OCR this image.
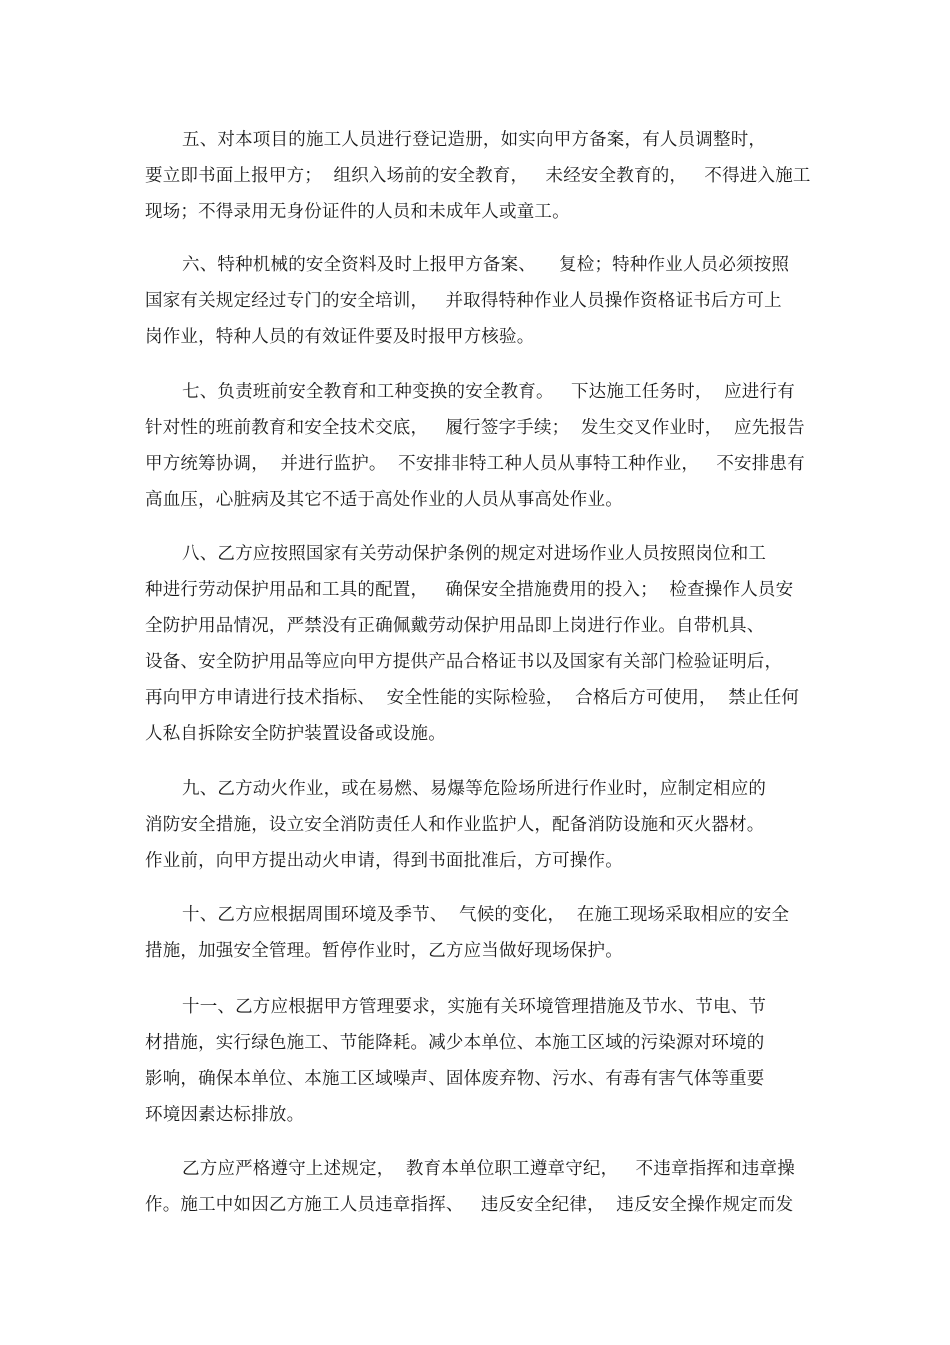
五、对本项目的施工人员进行登记造册，如实向甲方备案，有人员调整时，
要立即书面上报甲方；  组织入场前的安全教育，   未经安全教育的，   不得进入施工
现场；不得录用无身份证件的人员和未成年人或童工。
六、特种机械的安全资料及时上报甲方备案、    复检；特种作业人员必须按照
国家有关规定经过专门的安全培训，   并取得特种作业人员操作资格证书后方可上
岗作业，特种人员的有效证件要及时报甲方核验。
七、负责班前安全教育和工种变换的安全教育。   下达施工任务时，  应进行有
针对性的班前教育和安全技术交底，   履行签字手续；  发生交叉作业时，  应先报告
甲方统筹协调，  并进行监护。  不安排非特工种人员从事特工种作业，   不安排患有
高血压，心脏病及其它不适于高处作业的人员从事高处作业。
八、乙方应按照国家有关劳动保护条例的规定对进场作业人员按照岗位和工
种进行劳动保护用品和工具的配置，   确保安全措施费用的投入；  检查操作人员安
全防护用品情况，严禁没有正确佩戴劳动保护用品即上岗进行作业。自带机具、
设备、安全防护用品等应向甲方提供产品合格证书以及国家有关部门检验证明后，
再向甲方申请进行技术指标、  安全性能的实际检验，  合格后方可使用，  禁止任何
人私自拆除安全防护装置设备或设施。
九、乙方动火作业，或在易燃、易爆等危险场所进行作业时，应制定相应的
消防安全措施，设立安全消防责任人和作业监护人，配备消防设施和灭火器材。
作业前，向甲方提出动火申请，得到书面批准后，方可操作。
十、乙方应根据周围环境及季节、  气候的变化，  在施工现场采取相应的安全
措施，加强安全管理。暂停作业时，乙方应当做好现场保护。
十一、乙方应根据甲方管理要求，实施有关环境管理措施及节水、节电、节
材措施，实行绿色施工、节能降耗。减少本单位、本施工区域的污染源对环境的
影响，确保本单位、本施工区域噪声、固体废弃物、污水、有毒有害气体等重要
环境因素达标排放。
乙方应严格遵守上述规定，  教育本单位职工遵章守纪，   不违章指挥和违章操
作。施工中如因乙方施工人员违章指挥、   违反安全纪律，  违反安全操作规定而发
